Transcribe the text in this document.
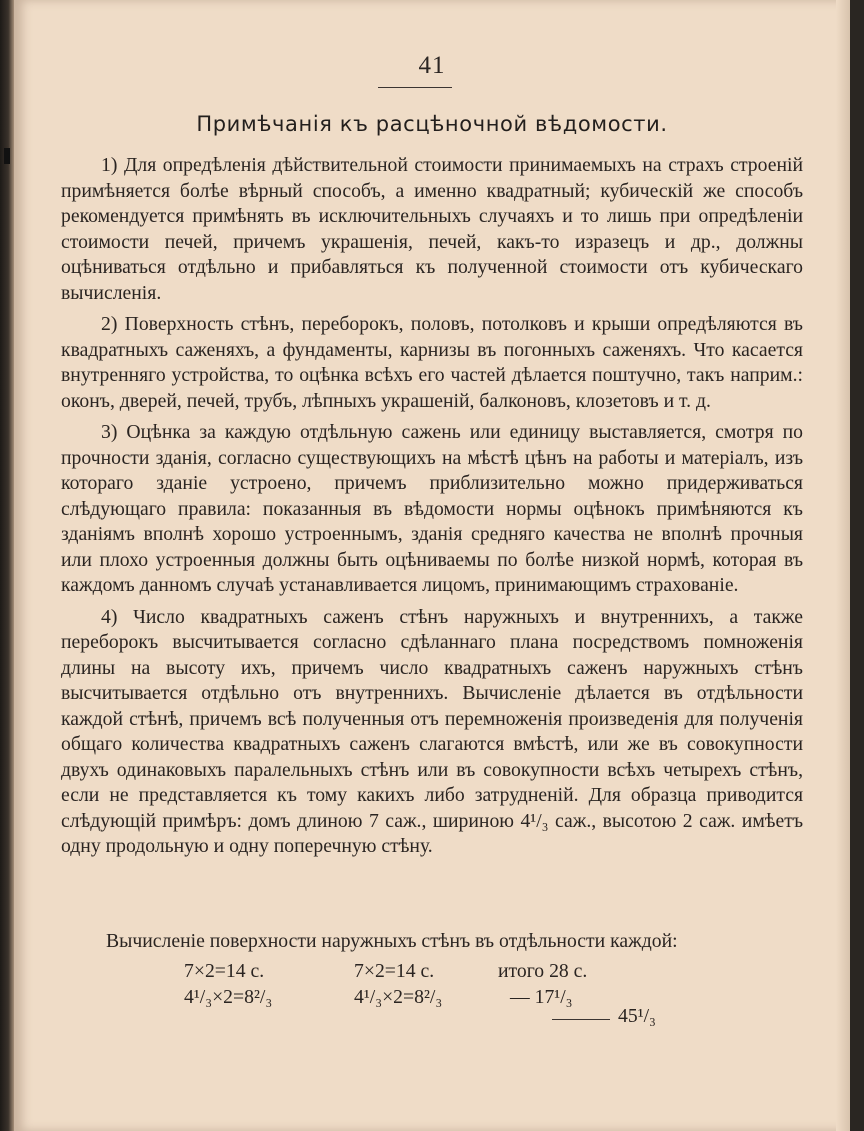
41
Примѣчанія къ расцѣночной вѣдомости.

1) Для опредѣленія дѣйствительной стоимости принимаемыхъ на страхъ строеній примѣняется болѣе вѣрный способъ, а именно квадратный; кубическій же способъ рекомендуется примѣнять въ исключительныхъ случаяхъ и то лишь при опредѣленіи стоимости печей, причемъ украшенія, печей, какъ-то изразецъ и др., должны оцѣниваться отдѣльно и прибавляться къ полученной стоимости отъ кубическаго вычисленія.

2) Поверхность стѣнъ, переборокъ, половъ, потолковъ и крыши опредѣляются въ квадратныхъ саженяхъ, а фундаменты, карнизы въ погонныхъ саженяхъ. Что касается внутренняго устройства, то оцѣнка всѣхъ его частей дѣлается поштучно, такъ наприм.: оконъ, дверей, печей, трубъ, лѣпныхъ украшеній, балконовъ, клозетовъ и т. д.

3) Оцѣнка за каждую отдѣльную сажень или единицу выставляется, смотря по прочности зданія, согласно существующихъ на мѣстѣ цѣнъ на работы и матеріалъ, изъ котораго зданіе устроено, причемъ приблизительно можно придерживаться слѣдующаго правила: показанныя въ вѣдомости нормы оцѣнокъ примѣняются къ зданіямъ вполнѣ хорошо устроеннымъ, зданія средняго качества не вполнѣ прочныя или плохо устроенныя должны быть оцѣниваемы по болѣе низкой нормѣ, которая въ каждомъ данномъ случаѣ устанавливается лицомъ, принимающимъ страхованіе.

4) Число квадратныхъ саженъ стѣнъ наружныхъ и внутреннихъ, а также переборокъ высчитывается согласно сдѣланнаго плана посредствомъ помноженія длины на высоту ихъ, причемъ число квадратныхъ саженъ наружныхъ стѣнъ высчитывается отдѣльно отъ внутреннихъ. Вычисленіе дѣлается въ отдѣльности каждой стѣнѣ, причемъ всѣ полученныя отъ перемноженія произведенія для полученія общаго количества квадратныхъ саженъ слагаются вмѣстѣ, или же въ совокупности двухъ одинаковыхъ паралельныхъ стѣнъ или въ совокупности всѣхъ четырехъ стѣнъ, если не представляется къ тому какихъ либо затрудненій. Для образца приводится слѣдующій примѣръ: домъ длиною 7 саж., шириною 4¹/₃ саж., высотою 2 саж. имѣетъ одну продольную и одну поперечную стѣну.

Вычисленіе поверхности наружныхъ стѣнъ въ отдѣльности каждой:
7×2=14 с.	7×2=14 с.	итого 28 с.
4¹/₃×2=8²/₃	4¹/₃×2=8²/₃	— 17¹/₃
45¹/₃
